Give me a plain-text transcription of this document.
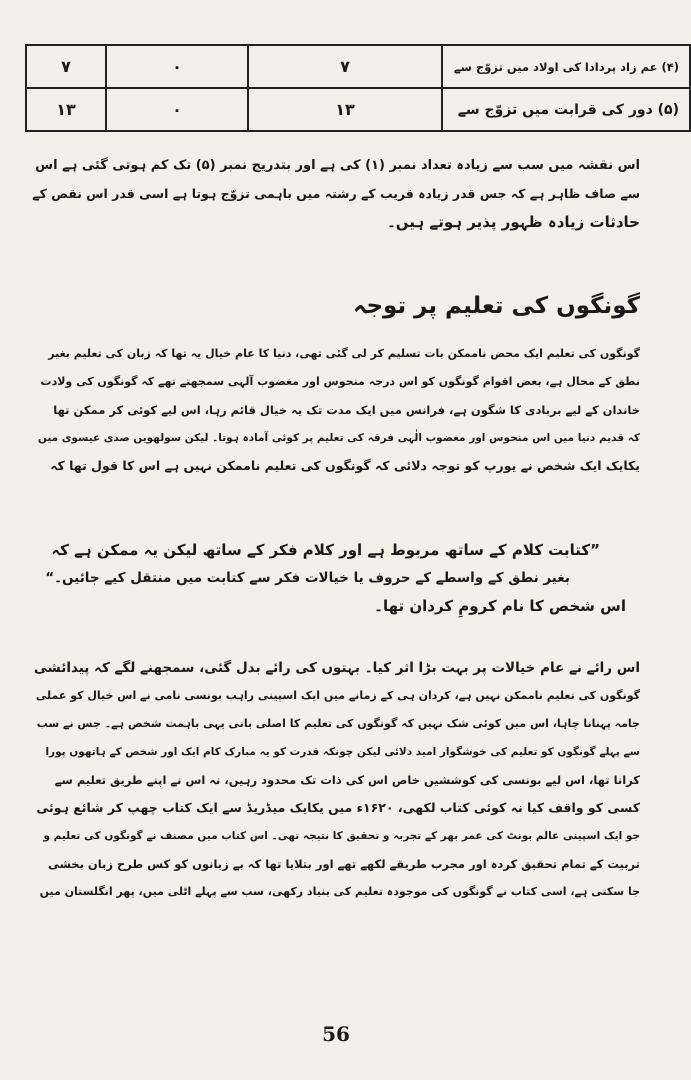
(۴) عم زاد پردادا کی اولاد میں تزوّج سے	۷	۰	۷
(۵) دور کی قرابت میں تزوّج سے	۱۳	۰	۱۳

اس نقشہ میں سب سے زیادہ تعداد نمبر (۱) کی ہے اور بتدریج نمبر (۵) تک کم ہوتی گئی ہے اس

سے صاف ظاہر ہے کہ جس قدر زیادہ قریب کے رشتہ میں باہمی تزوّج ہوتا ہے اسی قدر اس نقص کے

حادثات زیادہ ظہور پذیر ہوتے ہیں۔

گونگوں کی تعلیم پر توجہ

گونگوں کی تعلیم ایک محض ناممکن بات تسلیم کر لی گئی تھی، دنیا کا عام خیال یہ تھا کہ زبان کی تعلیم بغیر

نطق کے محال ہے، بعض اقوام گونگوں کو اس درجہ منحوس اور مغضوب آلہی سمجھتے تھے کہ گونگوں کی ولادت

خاندان کے لیے بربادی کا شگون ہے، فرانس میں ایک مدت تک یہ خیال قائم رہا، اس لیے کوئی کر ممکن تھا

کہ قدیم دنیا میں اس منحوس اور مغضوب الٰہی فرقہ کی تعلیم پر کوئی آمادہ ہوتا۔ لیکن سولھویں صدی عیسوی میں

یکایک ایک شخص نے یورپ کو توجہ دلائی کہ گونگوں کی تعلیم ناممکن نہیں ہے اس کا قول تھا کہ

”کتابت کلام کے ساتھ مربوط ہے اور کلام فکر کے ساتھ لیکن یہ ممکن ہے کہ

بغیر نطق کے واسطے کے حروف یا خیالات فکر سے کتابت میں منتقل کیے جائیں۔“

اس شخص کا نام کرومِ کردان تھا۔

اس رائے نے عام خیالات پر بہت بڑا اثر کیا۔ بہتوں کی رائے بدل گئی، سمجھنے لگے کہ پیدائشی

گونگوں کی تعلیم ناممکن نہیں ہے، کردان ہی کے زمانے میں ایک اسپینی راہب بونسی نامی نے اس خیال کو عملی

جامہ پہنانا چاہا، اس میں کوئی شک نہیں کہ گونگوں کی تعلیم کا اصلی بانی یہی باہمت شخص ہے۔ جس نے سب

سے پہلے گونگوں کو تعلیم کی خوشگوار امید دلائی لیکن چونکہ قدرت کو یہ مبارک کام ایک اور شخص کے ہاتھوں پورا

کرانا تھا، اس لیے بونسی کی کوششیں خاص اس کی ذات تک محدود رہیں، نہ اس نے اپنے طریق تعلیم سے

کسی کو واقف کیا نہ کوئی کتاب لکھی، ۱۶۲۰ء میں یکایک میڈریڈ سے ایک کتاب چھپ کر شائع ہوئی

جو ایک اسپینی عالم بونٹ کی عمر بھر کے تجربہ و تحقیق کا نتیجہ تھی۔ اس کتاب میں مصنف نے گونگوں کی تعلیم و

تربیت کے تمام تحقیق کردہ اور مجرب طریقے لکھے تھے اور بتلایا تھا کہ بے زبانوں کو کس طرح زبان بخشی

جا سکتی ہے، اسی کتاب نے گونگوں کی موجودہ تعلیم کی بنیاد رکھی، سب سے پہلے اٹلی میں، پھر انگلستان میں

56
